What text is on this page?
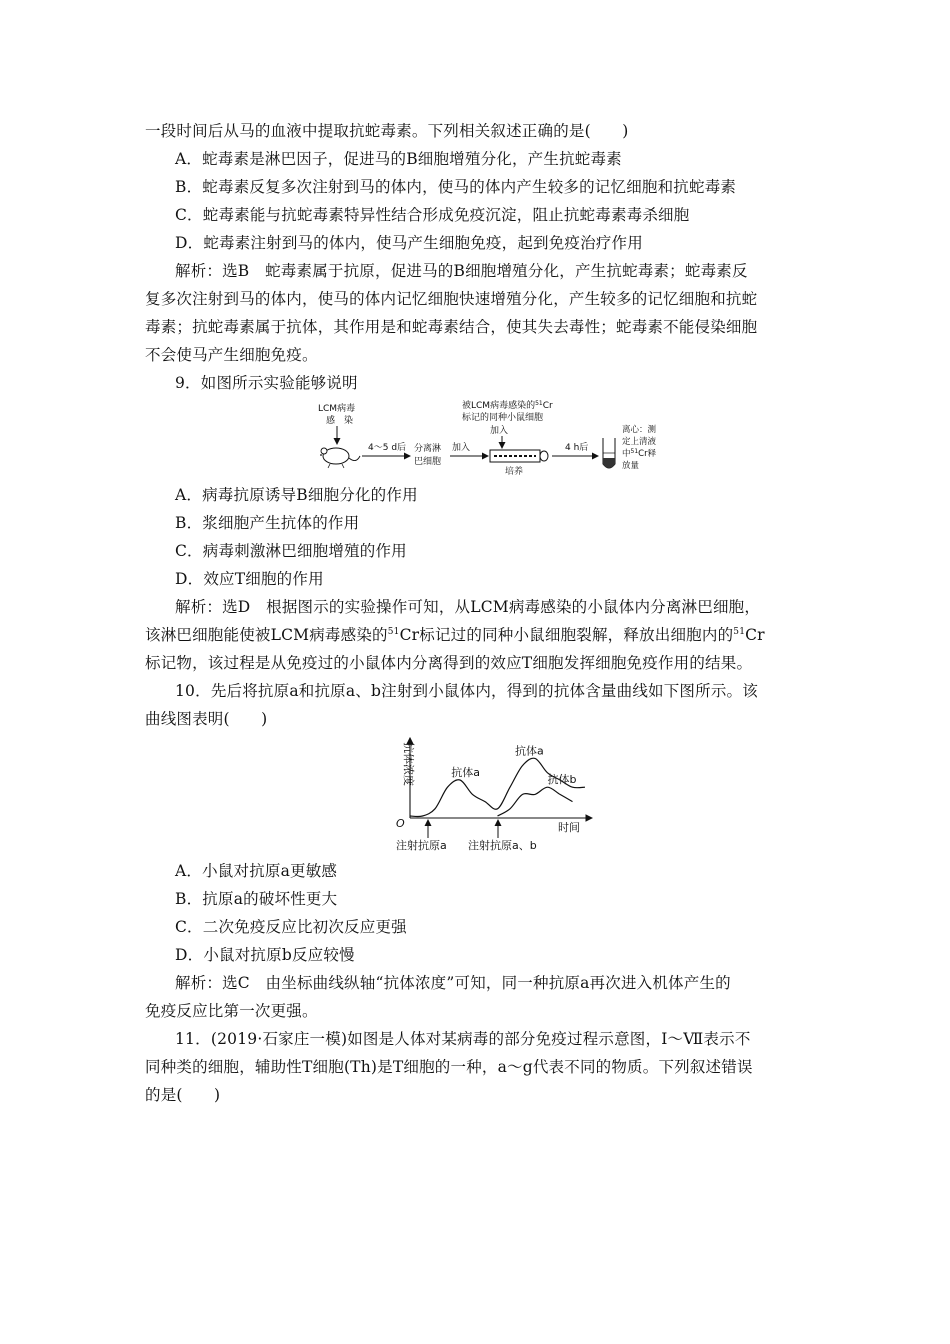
一段时间后从马的血液中提取抗蛇毒素。下列相关叙述正确的是(　　)
A．蛇毒素是淋巴因子，促进马的B细胞增殖分化，产生抗蛇毒素
B．蛇毒素反复多次注射到马的体内，使马的体内产生较多的记忆细胞和抗蛇毒素
C．蛇毒素能与抗蛇毒素特异性结合形成免疫沉淀，阻止抗蛇毒素毒杀细胞
D．蛇毒素注射到马的体内，使马产生细胞免疫，起到免疫治疗作用
解析：选B　蛇毒素属于抗原，促进马的B细胞增殖分化，产生抗蛇毒素；蛇毒素反
复多次注射到马的体内，使马的体内记忆细胞快速增殖分化，产生较多的记忆细胞和抗蛇
毒素；抗蛇毒素属于抗体，其作用是和蛇毒素结合，使其失去毒性；蛇毒素不能侵染细胞
不会使马产生细胞免疫。
9．如图所示实验能够说明
LCM病毒
感　染
4～5 d后 分离淋
巴细胞
加入
被LCM病毒感染的$^{51}$Cr
标记的同种小鼠细胞
加入
培养
4 h后
离心：测
定上清液
中$^{51}$Cr释
放量
A．病毒抗原诱导B细胞分化的作用
B．浆细胞产生抗体的作用
C．病毒刺激淋巴细胞增殖的作用
D．效应T细胞的作用
解析：选D　根据图示的实验操作可知，从LCM病毒感染的小鼠体内分离淋巴细胞，
该淋巴细胞能使被LCM病毒感染的$^{51}$Cr标记过的同种小鼠细胞裂解，释放出细胞内的$^{51}$Cr
标记物，该过程是从免疫过的小鼠体内分离得到的效应T细胞发挥细胞免疫作用的结果。
10．先后将抗原a和抗原a、b注射到小鼠体内，得到的抗体含量曲线如下图所示。该
曲线图表明(　　)
O	时间
抗体浓度
注射抗原a 注射抗原a、b
抗体a
抗体a
抗体b
A．小鼠对抗原a更敏感
B．抗原a的破坏性更大
C．二次免疫反应比初次反应更强
D．小鼠对抗原b反应较慢
解析：选C　由坐标曲线纵轴“抗体浓度”可知，同一种抗原a再次进入机体产生的
免疫反应比第一次更强。
11．(2019·石家庄一模)如图是人体对某病毒的部分免疫过程示意图，Ⅰ～Ⅶ表示不
同种类的细胞，辅助性T细胞(Th)是T细胞的一种，a～g代表不同的物质。下列叙述错误
的是(　　)
